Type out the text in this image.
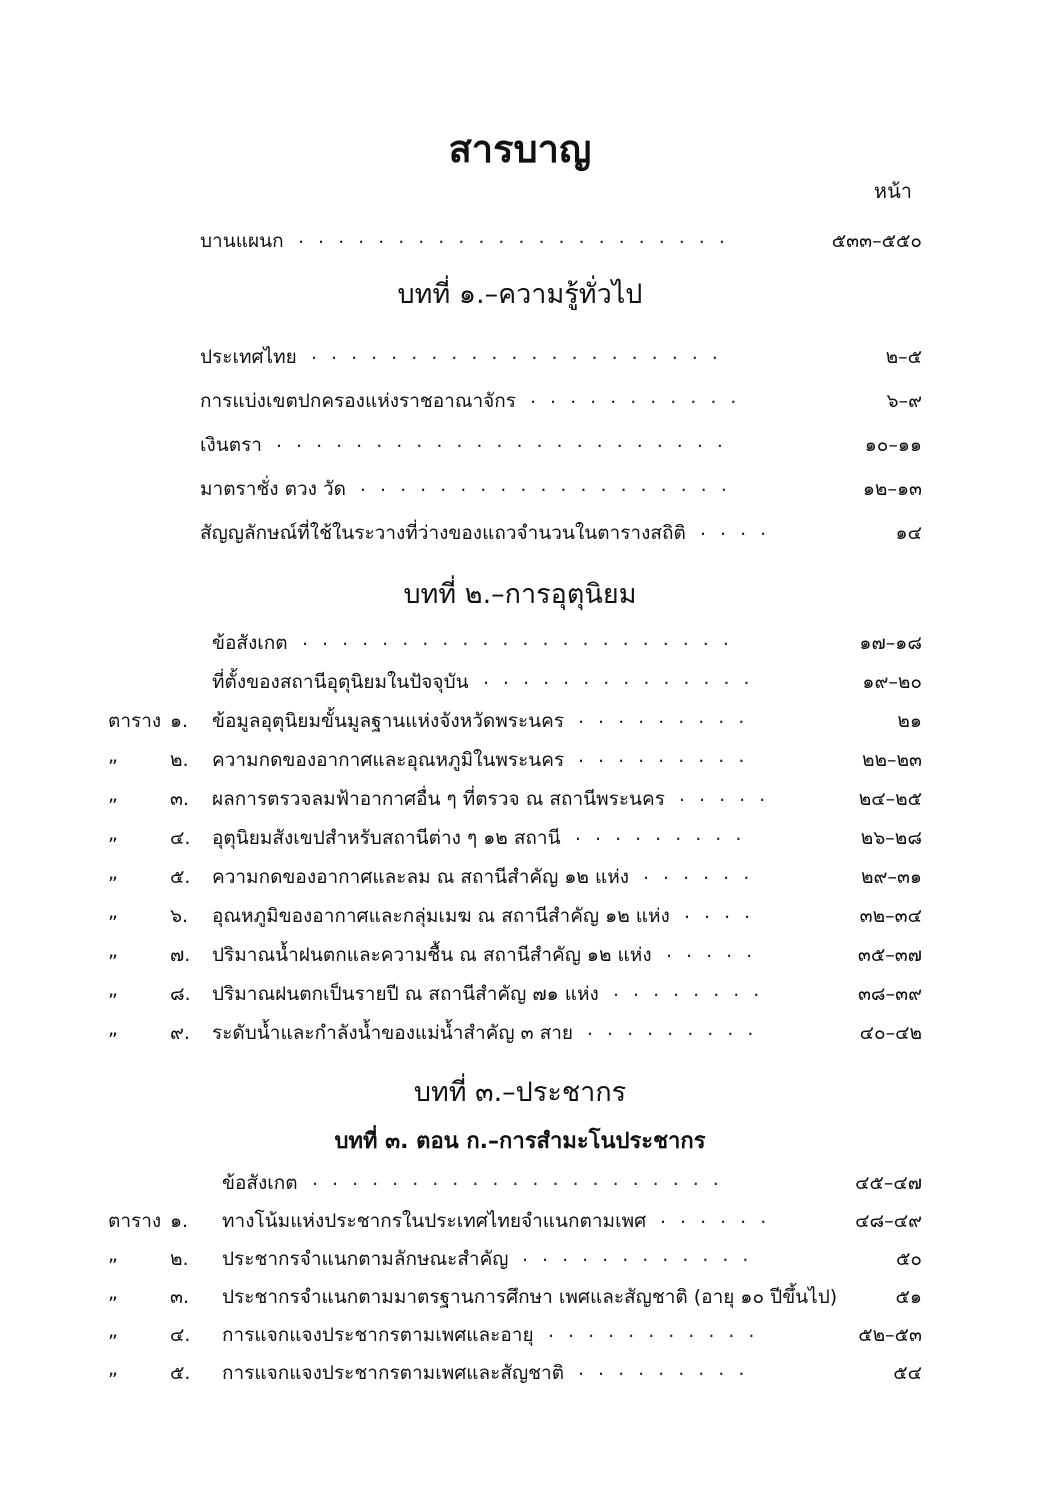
สารบาญ
หน้า
บานแผนก ......................	๕๓๓–๕๕๐
บทที่ ๑.–ความรู้ทั่วไป
ประเทศไทย .....................	๒–๕
การแบ่งเขตปกครองแห่งราชอาณาจักร ...........	๖–๙
เงินตรา .......................	๑๐–๑๑
มาตราชั่ง ตวง วัด ...................	๑๒–๑๓
สัญญลักษณ์ที่ใช้ในระวางที่ว่างของแถวจำนวนในตารางสถิติ ....	๑๔
บทที่ ๒.–การอุตุนิยม
ข้อสังเกต ......................	๑๗–๑๘
ที่ตั้งของสถานีอุตุนิยมในปัจจุบัน ..............	๑๙–๒๐
ตาราง ๑.	ข้อมูลอุตุนิยมขั้นมูลฐานแห่งจังหวัดพระนคร .........	๒๑
„	๒.	ความกดของอากาศและอุณหภูมิในพระนคร .........	๒๒–๒๓
„	๓.	ผลการตรวจลมฟ้าอากาศอื่น ๆ ที่ตรวจ ณ สถานีพระนคร .....	๒๔–๒๕
„	๔.	อุตุนิยมสังเขปสำหรับสถานีต่าง ๆ ๑๒ สถานี .........	๒๖–๒๘
„	๕.	ความกดของอากาศและลม ณ สถานีสำคัญ ๑๒ แห่ง ......	๒๙–๓๑
„	๖.	อุณหภูมิของอากาศและกลุ่มเมฆ ณ สถานีสำคัญ ๑๒ แห่ง ....	๓๒–๓๔
„	๗.	ปริมาณน้ำฝนตกและความชื้น ณ สถานีสำคัญ ๑๒ แห่ง .....	๓๕–๓๗
„	๘.	ปริมาณฝนตกเป็นรายปี ณ สถานีสำคัญ ๗๑ แห่ง ........	๓๘–๓๙
„	๙.	ระดับน้ำและกำลังน้ำของแม่น้ำสำคัญ ๓ สาย .........	๔๐–๔๒
บทที่ ๓.–ประชากร
บทที่ ๓. ตอน ก.–การสำมะโนประชากร
ข้อสังเกต .....................	๔๕–๔๗
ตาราง ๑.	ทางโน้มแห่งประชากรในประเทศไทยจำแนกตามเพศ ......	๔๘–๔๙
„	๒.	ประชากรจำแนกตามลักษณะสำคัญ ............	๕๐
„	๓.	ประชากรจำแนกตามมาตรฐานการศึกษา เพศและสัญชาติ (อายุ ๑๐ ปีขึ้นไป)	๕๑
„	๔.	การแจกแจงประชากรตามเพศและอายุ ...........	๕๒–๕๓
„	๕.	การแจกแจงประชากรตามเพศและสัญชาติ .........	๕๔
